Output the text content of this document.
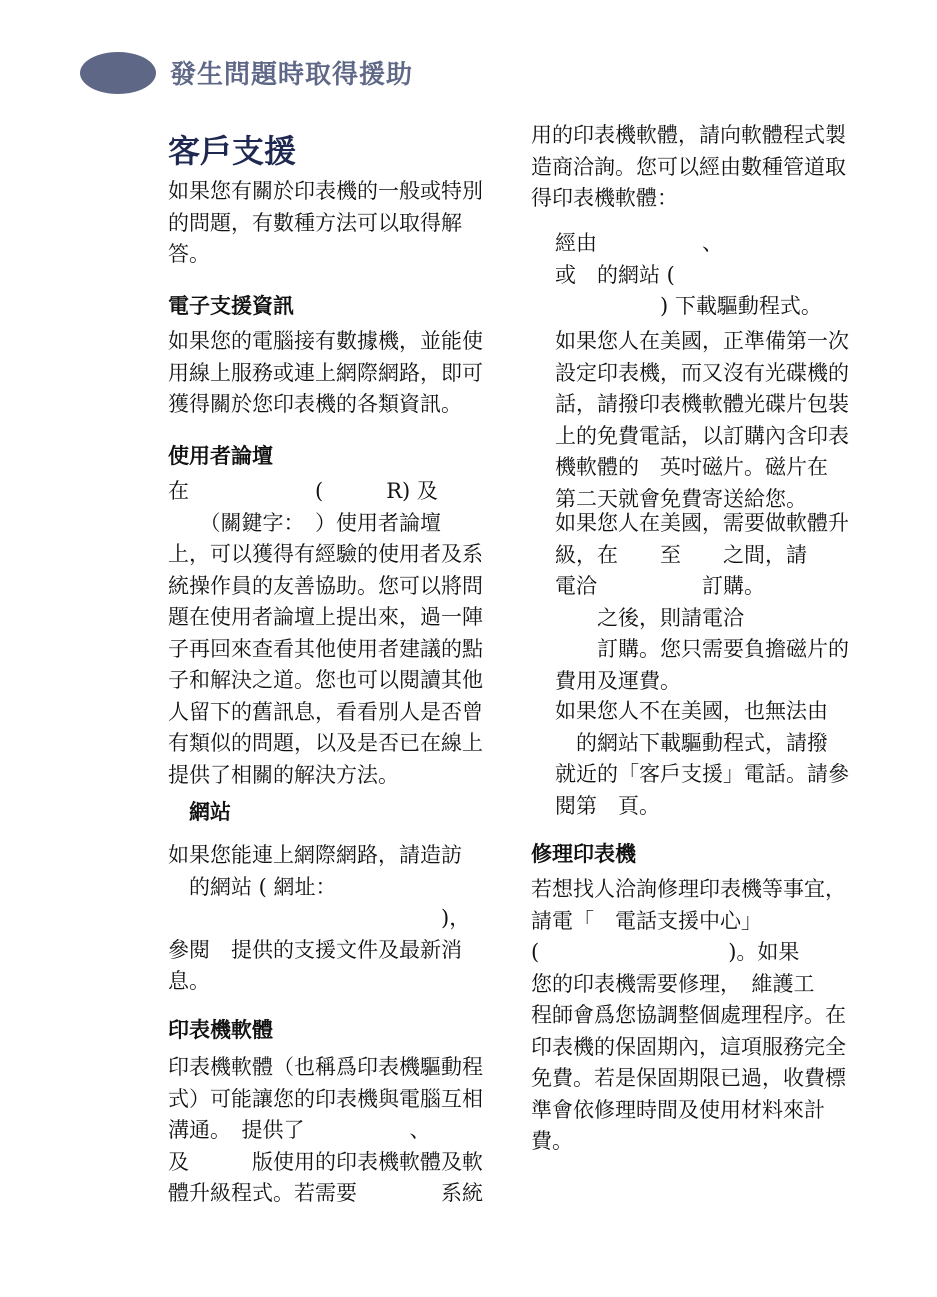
發生問題時取得援助
客戶支援
如果您有關於印表機的一般或特別
的問題，有數種方法可以取得解
答。
電子支援資訊
如果您的電腦接有數據機，並能使
用線上服務或連上網際網路，即可
獲得關於您印表機的各類資訊。
使用者論壇
在　　　　　　(　　　R) 及
　　（關鍵字：　）使用者論壇
上，可以獲得有經驗的使用者及系
統操作員的友善協助。您可以將問
題在使用者論壇上提出來，過一陣
子再回來查看其他使用者建議的點
子和解決之道。您也可以閱讀其他
人留下的舊訊息，看看別人是否曾
有類似的問題，以及是否已在線上
提供了相關的解決方法。
　網站
如果您能連上網際網路，請造訪
　的網站 ( 網址：
　　　　　　　　　　　　　)，
參閱　提供的支援文件及最新消
息。
印表機軟體
印表機軟體（也稱爲印表機驅動程
式）可能讓您的印表機與電腦互相
溝通。　提供了　　　　　、
及　　　版使用的印表機軟體及軟
體升級程式。若需要　　　　系統
用的印表機軟體，請向軟體程式製
造商洽詢。您可以經由數種管道取
得印表機軟體：
經由　　　　　、
或　的網站 (
　　　　　) 下載驅動程式。
如果您人在美國，正準備第一次
設定印表機，而又沒有光碟機的
話，請撥印表機軟體光碟片包裝
上的免費電話，以訂購內含印表
機軟體的　英吋磁片。磁片在
第二天就會免費寄送給您。
如果您人在美國，需要做軟體升
級，在　　至　　之間，請
電洽　　　　　訂購。
　　之後，則請電洽
　　訂購。您只需要負擔磁片的
費用及運費。
如果您人不在美國，也無法由
　的網站下載驅動程式，請撥
就近的「客戶支援」電話。請參
閱第　頁。
修理印表機
若想找人洽詢修理印表機等事宜，
請電「　電話支援中心」
(　　　　　　　　　)。如果
您的印表機需要修理，　維護工
程師會爲您協調整個處理程序。在
印表機的保固期內，這項服務完全
免費。若是保固期限已過，收費標
準會依修理時間及使用材料來計
費。
